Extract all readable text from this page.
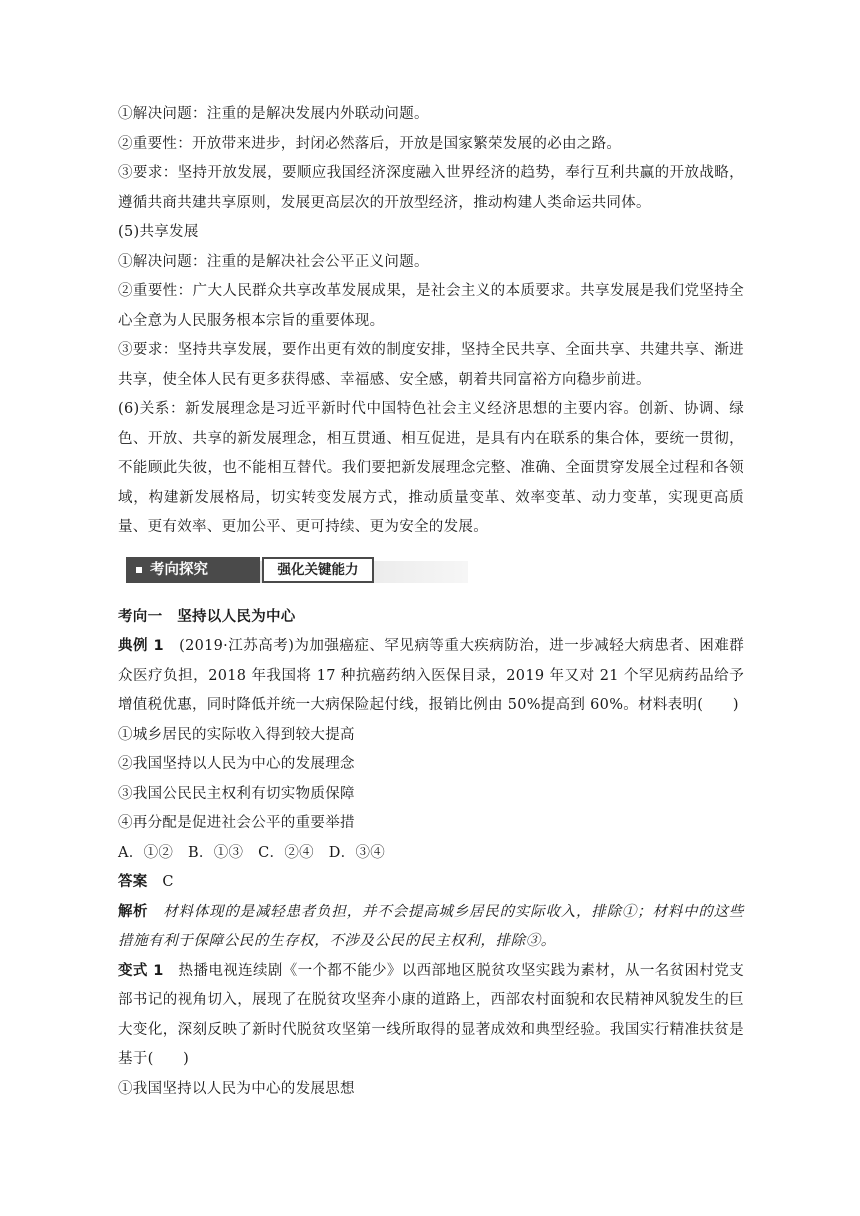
①解决问题：注重的是解决发展内外联动问题。

②重要性：开放带来进步，封闭必然落后，开放是国家繁荣发展的必由之路。

③要求：坚持开放发展，要顺应我国经济深度融入世界经济的趋势，奉行互利共赢的开放战略，遵循共商共建共享原则，发展更高层次的开放型经济，推动构建人类命运共同体。

(5)共享发展

①解决问题：注重的是解决社会公平正义问题。

②重要性：广大人民群众共享改革发展成果，是社会主义的本质要求。共享发展是我们党坚持全心全意为人民服务根本宗旨的重要体现。

③要求：坚持共享发展，要作出更有效的制度安排，坚持全民共享、全面共享、共建共享、渐进共享，使全体人民有更多获得感、幸福感、安全感，朝着共同富裕方向稳步前进。

(6)关系：新发展理念是习近平新时代中国特色社会主义经济思想的主要内容。创新、协调、绿色、开放、共享的新发展理念，相互贯通、相互促进，是具有内在联系的集合体，要统一贯彻，不能顾此失彼，也不能相互替代。我们要把新发展理念完整、准确、全面贯穿发展全过程和各领域，构建新发展格局，切实转变发展方式，推动质量变革、效率变革、动力变革，实现更高质量、更有效率、更加公平、更可持续、更为安全的发展。

考向探究	强化关键能力

考向一　坚持以人民为中心

典例 1　(2019·江苏高考)为加强癌症、罕见病等重大疾病防治，进一步减轻大病患者、困难群众医疗负担，2018 年我国将 17 种抗癌药纳入医保目录，2019 年又对 21 个罕见病药品给予增值税优惠，同时降低并统一大病保险起付线，报销比例由 50%提高到 60%。材料表明(　　)

①城乡居民的实际收入得到较大提高

②我国坚持以人民为中心的发展理念

③我国公民民主权利有切实物质保障

④再分配是促进社会公平的重要举措

A．①②　B．①③　C．②④　D．③④

答案　C

解析　材料体现的是减轻患者负担，并不会提高城乡居民的实际收入，排除①；材料中的这些措施有利于保障公民的生存权，不涉及公民的民主权利，排除③。

变式 1　热播电视连续剧《一个都不能少》以西部地区脱贫攻坚实践为素材，从一名贫困村党支部书记的视角切入，展现了在脱贫攻坚奔小康的道路上，西部农村面貌和农民精神风貌发生的巨大变化，深刻反映了新时代脱贫攻坚第一线所取得的显著成效和典型经验。我国实行精准扶贫是基于(　　)

①我国坚持以人民为中心的发展思想
